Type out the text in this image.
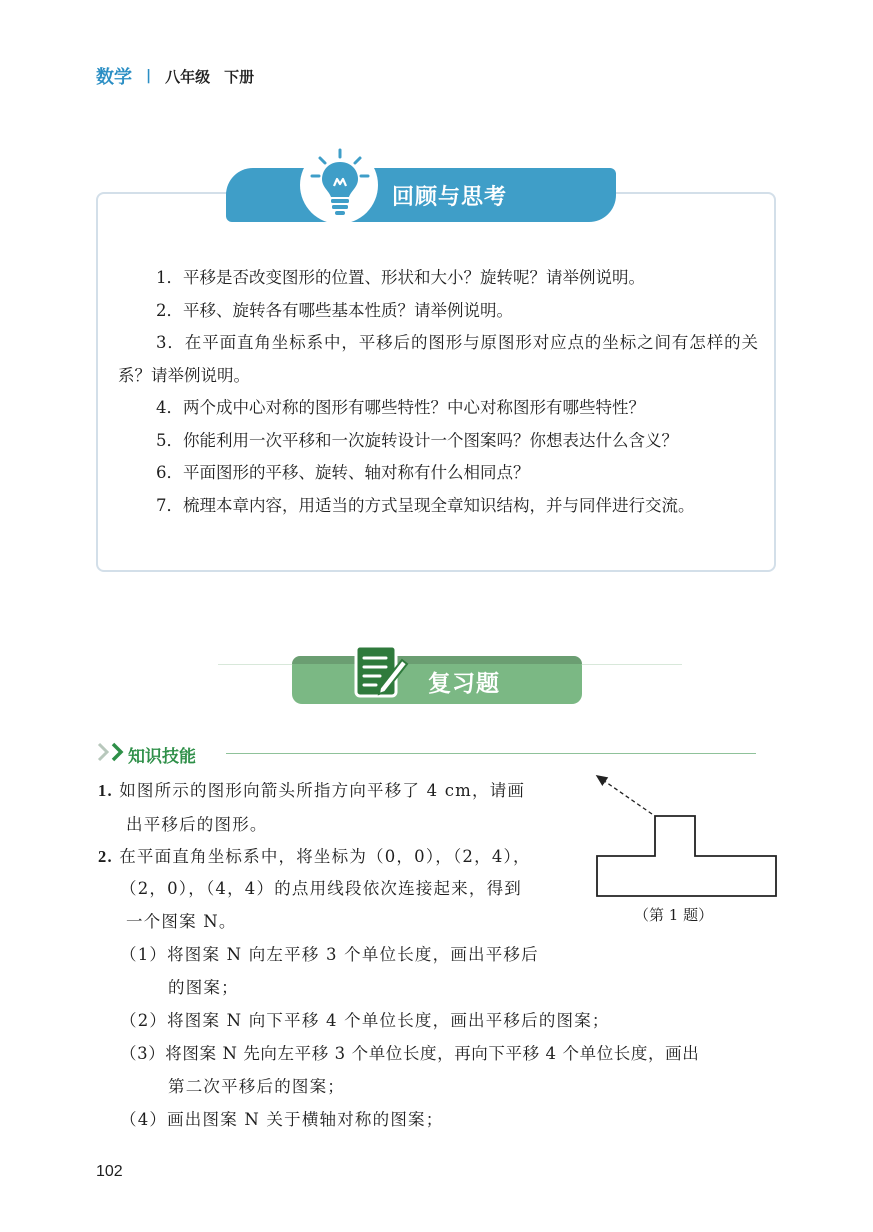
数学 | 八年级 下册
回顾与思考

1．平移是否改变图形的位置、形状和大小？旋转呢？请举例说明。

2．平移、旋转各有哪些基本性质？请举例说明。

3．在平面直角坐标系中，平移后的图形与原图形对应点的坐标之间有怎样的关系？请举例说明。

4．两个成中心对称的图形有哪些特性？中心对称图形有哪些特性？

5．你能利用一次平移和一次旋转设计一个图案吗？你想表达什么含义？

6．平面图形的平移、旋转、轴对称有什么相同点？

7．梳理本章内容，用适当的方式呈现全章知识结构，并与同伴进行交流。

复习题
知识技能

1. 如图所示的图形向箭头所指方向平移了 4 cm，请画

出平移后的图形。

（第 1 题）

2. 在平面直角坐标系中，将坐标为（0，0），（2，4），

（2，0），（4，4）的点用线段依次连接起来，得到

一个图案 N。

（1）将图案 N 向左平移 3 个单位长度，画出平移后

的图案；

（2）将图案 N 向下平移 4 个单位长度，画出平移后的图案；

（3）将图案 N 先向左平移 3 个单位长度，再向下平移 4 个单位长度，画出

第二次平移后的图案；

（4）画出图案 N 关于横轴对称的图案；

102
